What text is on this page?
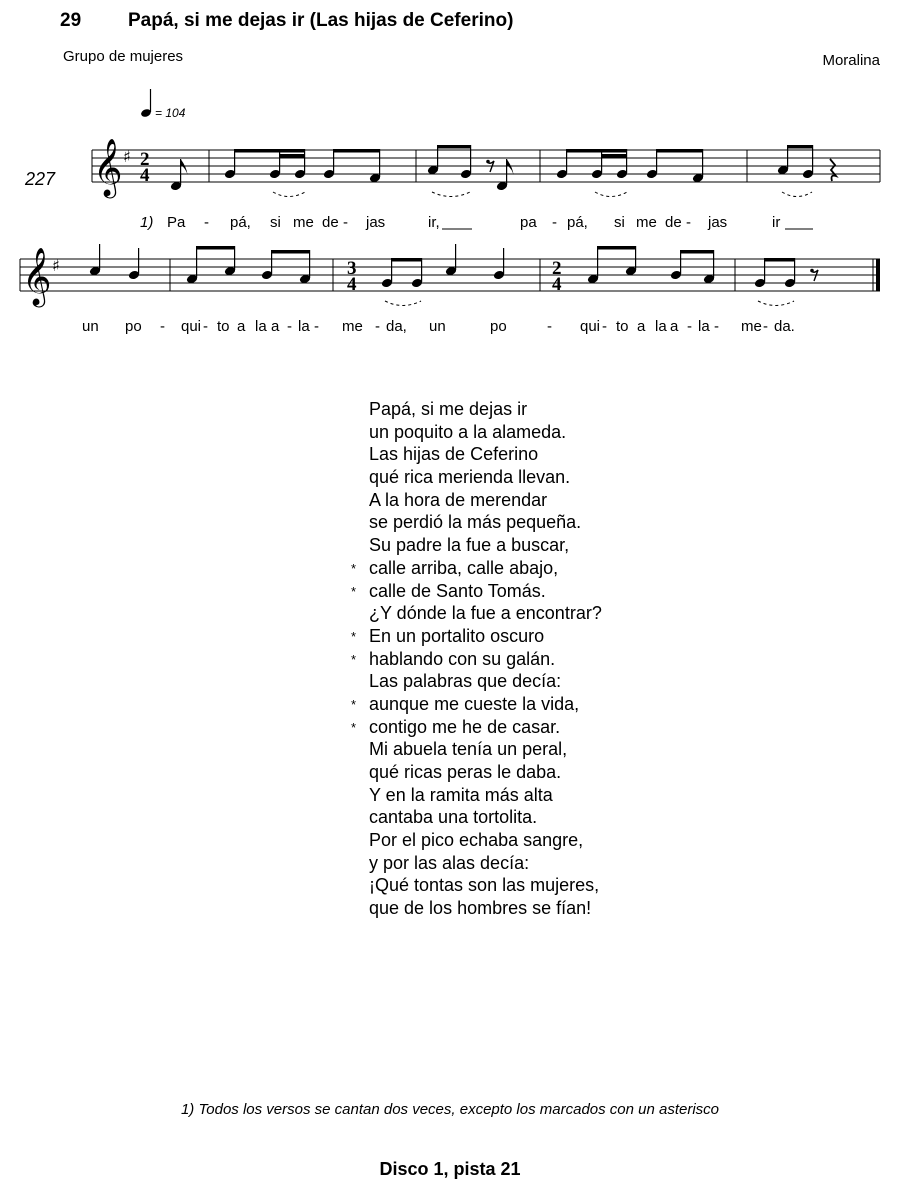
29 Papá, si me dejas ir (Las hijas de Ceferino)
Grupo de mujeres	Moralina
= 104
227 𝄞 ♯
𝄞 ♯
2
4
3
4
2
4
Pa - pá, si me de - jas	ir,	pa - pá, si me de - jas	ir
1)
un po - qui - to a la a - la - me - da, un	po	- qui - to a la a - la - me - da.
Papá, si me dejas ir
un poquito a la alameda.
Las hijas de Ceferino
qué rica merienda llevan.
A la hora de merendar
se perdió la más pequeña.
Su padre la fue a buscar,
* calle arriba, calle abajo,
* calle de Santo Tomás.
¿Y dónde la fue a encontrar?
* En un portalito oscuro
* hablando con su galán.
Las palabras que decía:
* aunque me cueste la vida,
* contigo me he de casar.
Mi abuela tenía un peral,
qué ricas peras le daba.
Y en la ramita más alta
cantaba una tortolita.
Por el pico echaba sangre,
y por las alas decía:
¡Qué tontas son las mujeres,
que de los hombres se fían!
1) Todos los versos se cantan dos veces, excepto los marcados con un asterisco
Disco 1, pista 21
